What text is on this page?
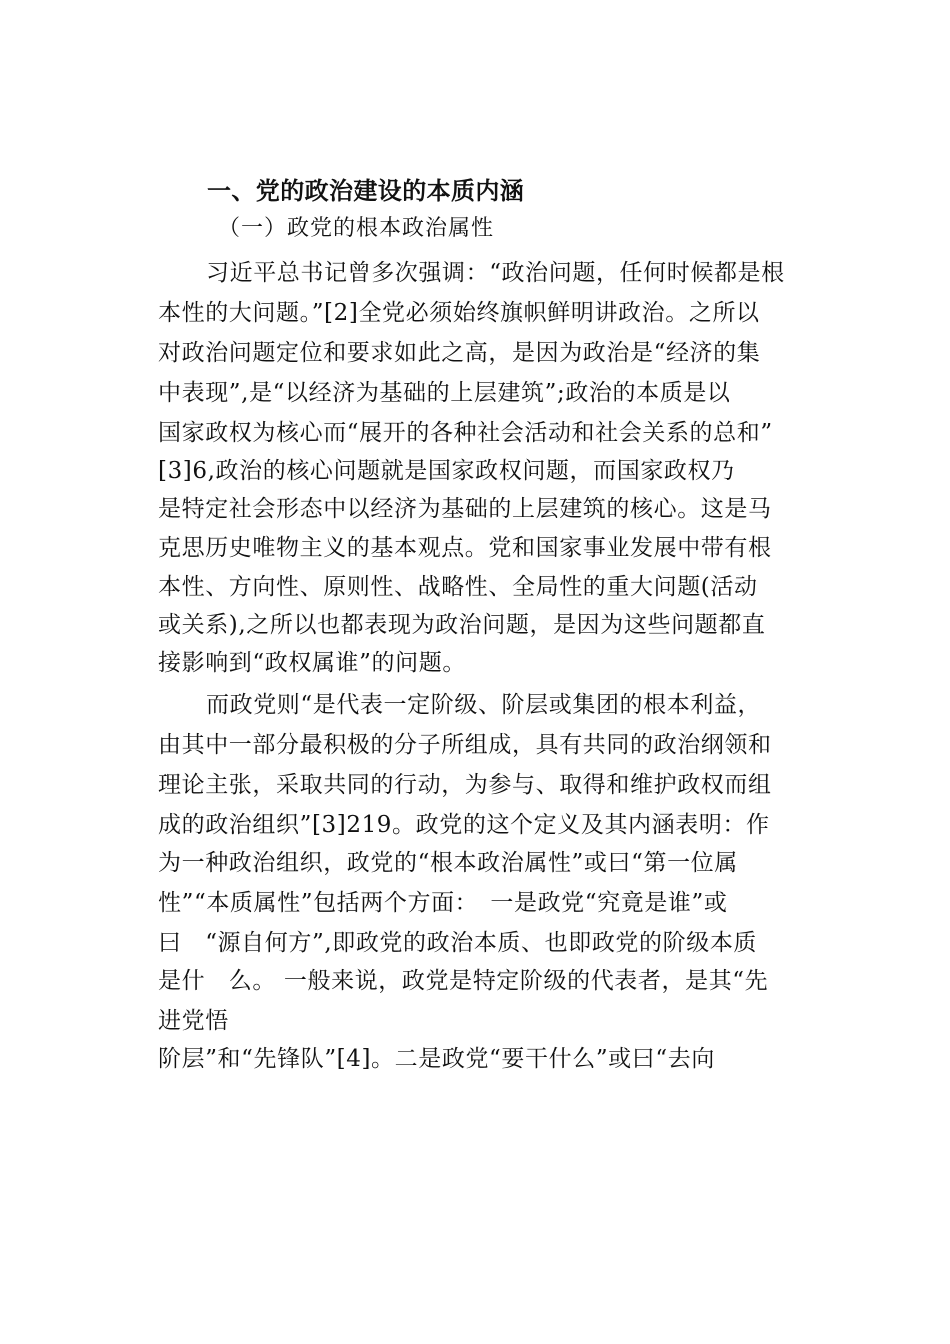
一、党的政治建设的本质内涵
（一）政党的根本政治属性
习近平总书记曾多次强调：“政治问题，任何时候都是根
本性的大问题。”[2]全党必须始终旗帜鲜明讲政治。之所以
对政治问题定位和要求如此之高，是因为政治是“经济的集
中表现”,是“以经济为基础的上层建筑”;政治的本质是以
国家政权为核心而“展开的各种社会活动和社会关系的总和”
[3]6,政治的核心问题就是国家政权问题，而国家政权乃
是特定社会形态中以经济为基础的上层建筑的核心。这是马
克思历史唯物主义的基本观点。党和国家事业发展中带有根
本性、方向性、原则性、战略性、全局性的重大问题(活动
或关系),之所以也都表现为政治问题，是因为这些问题都直
接影响到“政权属谁”的问题。
而政党则“是代表一定阶级、阶层或集团的根本利益，
由其中一部分最积极的分子所组成，具有共同的政治纲领和
理论主张，采取共同的行动，为参与、取得和维护政权而组
成的政治组织”[3]219。政党的这个定义及其内涵表明：作
为一种政治组织，政党的“根本政治属性”或曰“第一位属
性”“本质属性”包括两个方面：　一是政党“究竟是谁”或
曰　“源自何方”,即政党的政治本质、也即政党的阶级本质
是什　么。 一般来说，政党是特定阶级的代表者，是其“先
进党悟
阶层”和“先锋队”[4]。二是政党“要干什么”或曰“去向
